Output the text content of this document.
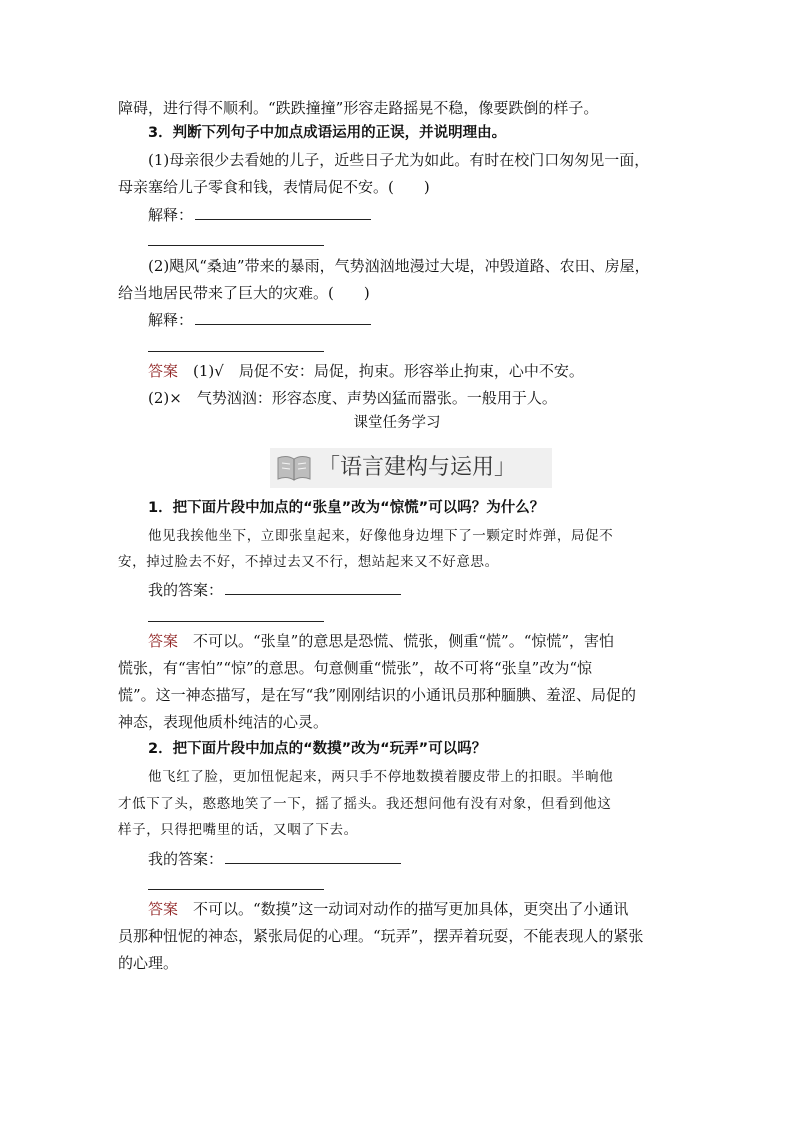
障碍，进行得不顺利。“跌跌撞撞”形容走路摇晃不稳，像要跌倒的样子。
3．判断下列句子中加点成语运用的正误，并说明理由。
(1)母亲很少去看她的儿子，近些日子尤为如此。有时在校门口匆匆见一面，
母亲塞给儿子零食和钱，表情局促不安。(　　)
解释：
(2)飓风“桑迪”带来的暴雨，气势汹汹地漫过大堤，冲毁道路、农田、房屋，
给当地居民带来了巨大的灾难。(　　)
解释：
答案　(1)√　局促不安：局促，拘束。形容举止拘束，心中不安。
(2)×　气势汹汹：形容态度、声势凶猛而嚣张。一般用于人。
课堂任务学习
「语言建构与运用」
1．把下面片段中加点的“张皇”改为“惊慌”可以吗？为什么？
他见我挨他坐下，立即张皇起来，好像他身边埋下了一颗定时炸弹，局促不
安，掉过脸去不好，不掉过去又不行，想站起来又不好意思。
我的答案：
答案　不可以。“张皇”的意思是恐慌、慌张，侧重“慌”。“惊慌”，害怕
慌张，有“害怕”“惊”的意思。句意侧重“慌张”，故不可将“张皇”改为“惊
慌”。这一神态描写，是在写“我”刚刚结识的小通讯员那种腼腆、羞涩、局促的
神态，表现他质朴纯洁的心灵。
2．把下面片段中加点的“数摸”改为“玩弄”可以吗？
他飞红了脸，更加忸怩起来，两只手不停地数摸着腰皮带上的扣眼。半晌他
才低下了头，憨憨地笑了一下，摇了摇头。我还想问他有没有对象，但看到他这
样子，只得把嘴里的话，又咽了下去。
我的答案：
答案　不可以。“数摸”这一动词对动作的描写更加具体，更突出了小通讯
员那种忸怩的神态，紧张局促的心理。“玩弄”，摆弄着玩耍，不能表现人的紧张
的心理。
